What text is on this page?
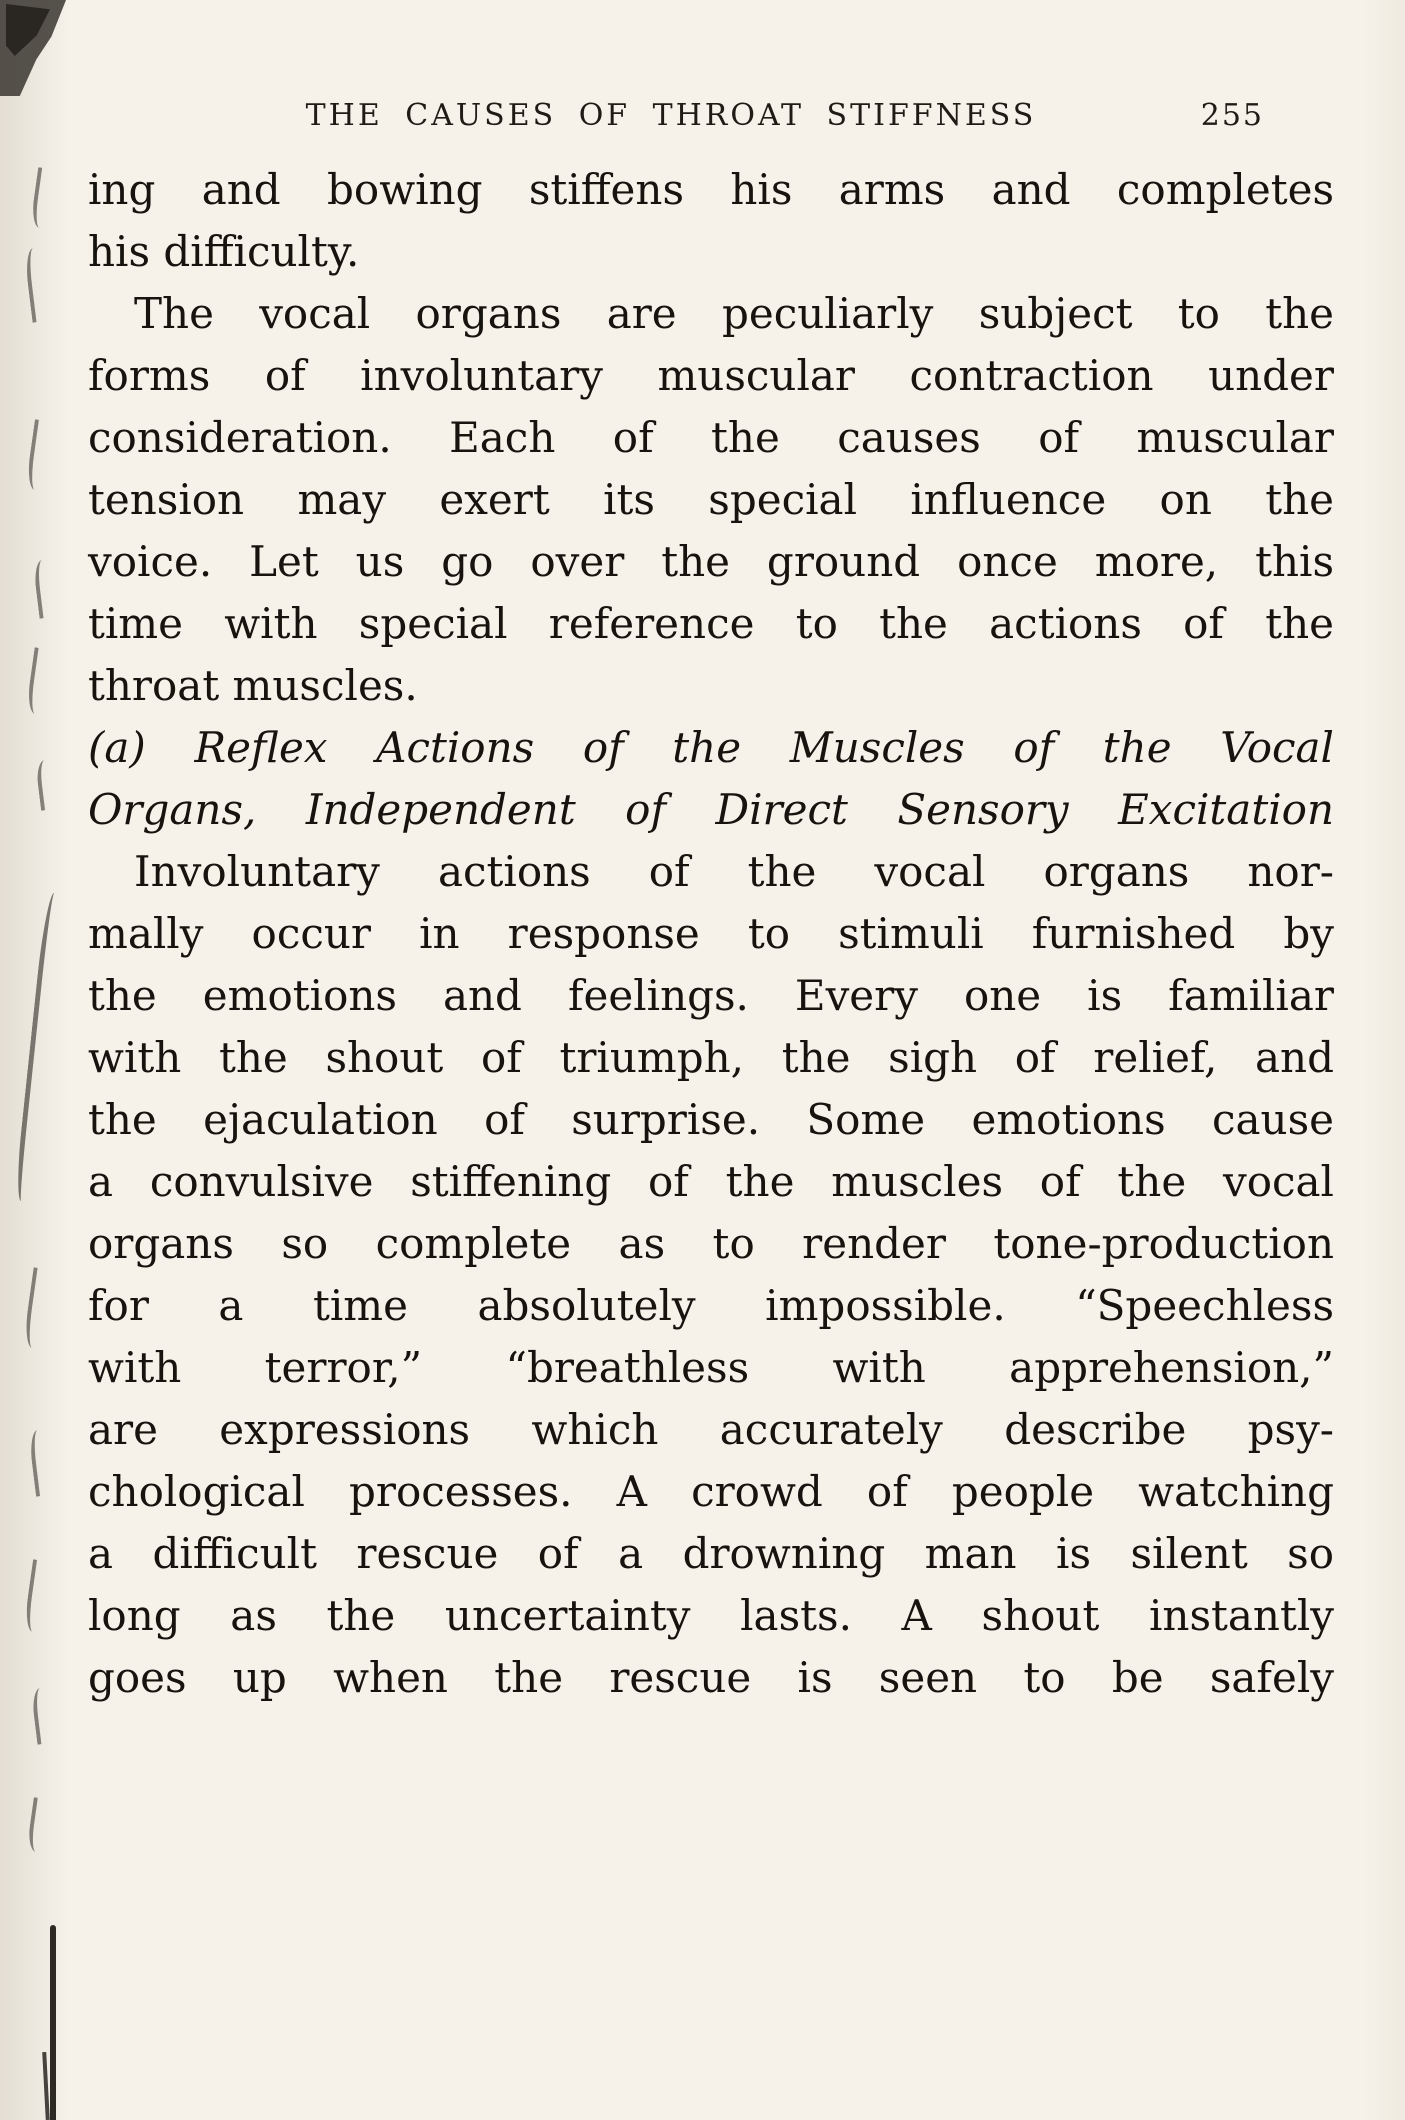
THE CAUSES OF THROAT STIFFNESS	255
ing and bowing stiffens his arms and completes
his difficulty.
The vocal organs are peculiarly subject to the
forms of involuntary muscular contraction under
consideration. Each of the causes of muscular
tension may exert its special influence on the
voice. Let us go over the ground once more, this
time with special reference to the actions of the
throat muscles.
(a) Reflex Actions of the Muscles of the Vocal
Organs, Independent of Direct Sensory Excitation
Involuntary actions of the vocal organs nor-
mally occur in response to stimuli furnished by
the emotions and feelings. Every one is familiar
with the shout of triumph, the sigh of relief, and
the ejaculation of surprise. Some emotions cause
a convulsive stiffening of the muscles of the vocal
organs so complete as to render tone-production
for a time absolutely impossible. “Speechless
with terror,” “breathless with apprehension,”
are expressions which accurately describe psy-
chological processes. A crowd of people watching
a difficult rescue of a drowning man is silent so
long as the uncertainty lasts. A shout instantly
goes up when the rescue is seen to be safely
